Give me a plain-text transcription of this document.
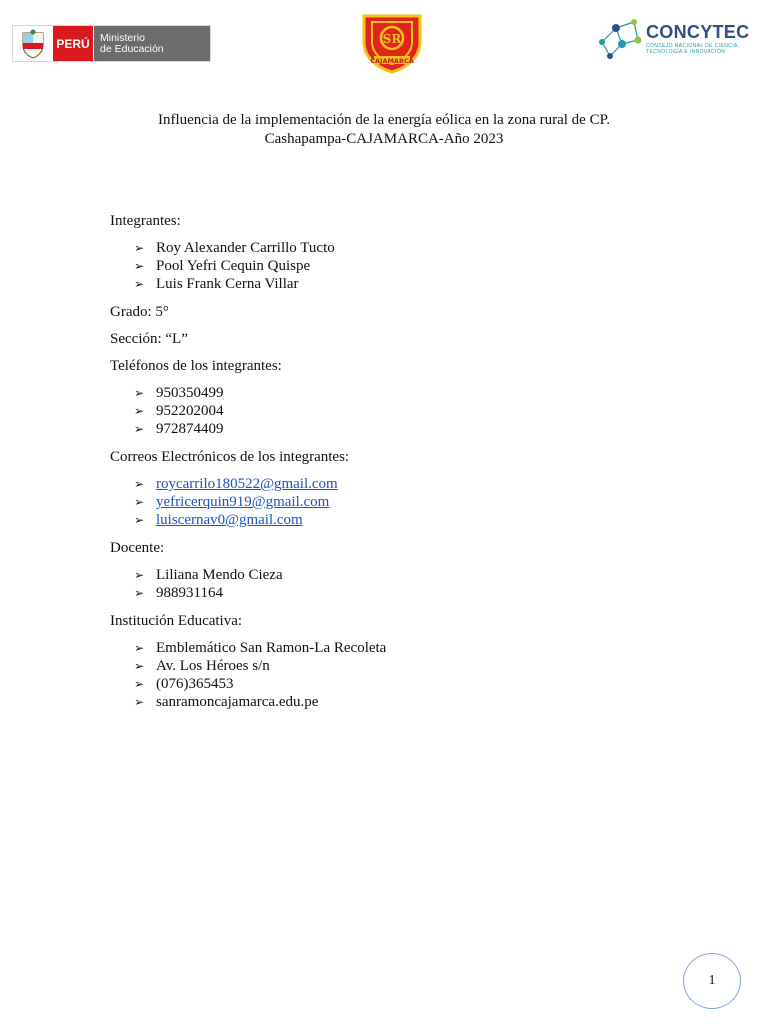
PERÚ Ministerio
de Educación
SR
CAJAMARCA
CONCYTEC
CONSEJO NACIONAL DE CIENCIA, TECNOLOGÍA E INNOVACIÓN
Influencia de la implementación de la energía eólica en la zona rural de CP.
Cashapampa-CAJAMARCA-Año 2023

Integrantes:

➢ Roy Alexander Carrillo Tucto
➢ Pool Yefri Cequin Quispe
➢ Luis Frank Cerna Villar

Grado: 5°

Sección: “L”

Teléfonos de los integrantes:

➢ 950350499
➢ 952202004
➢ 972874409

Correos Electrónicos de los integrantes:

➢ roycarrilo180522@gmail.com
➢ yefricerquin919@gmail.com
➢ luiscernav0@gmail.com

Docente:

➢ Liliana Mendo Cieza
➢ 988931164

Institución Educativa:

➢ Emblemático San Ramon-La Recoleta
➢ Av. Los Héroes s/n
➢ (076)365453
➢ sanramoncajamarca.edu.pe
1
